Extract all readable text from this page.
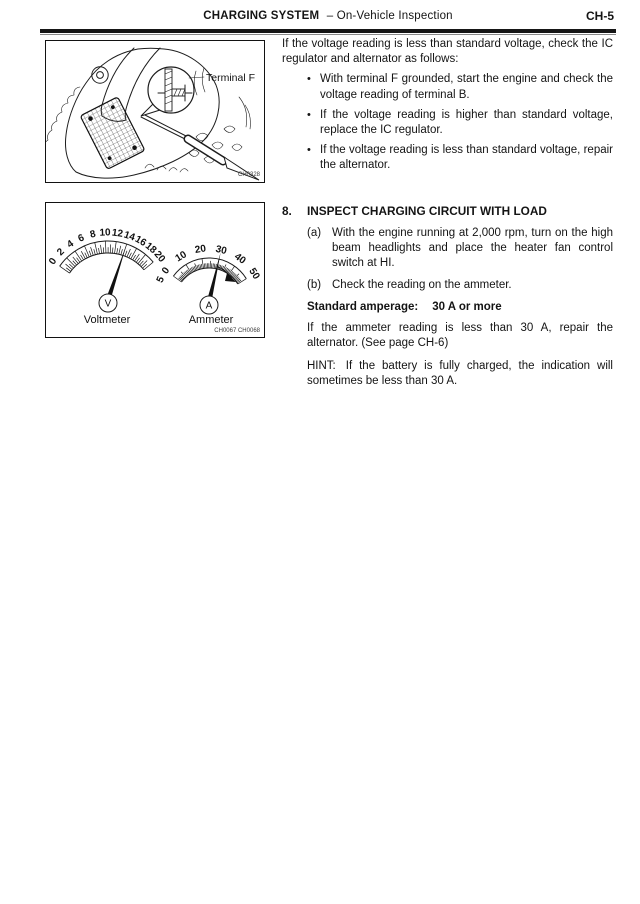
CHARGING SYSTEM – On-Vehicle Inspection	CH-5
Terminal F
CH0328
V
Voltmeter
0
2
4 6 8 10 12
14
16
18
20
A
Ammeter
5
0
10 20 30
40
50
CH0067 CH0068

If the voltage reading is less than standard voltage, check the IC regulator and alternator as follows:

• With terminal F grounded, start the engine and check the voltage reading of terminal B.

• If the voltage reading is higher than standard voltage, replace the IC regulator.

• If the voltage reading is less than standard voltage, repair the alternator.

8.	INSPECT CHARGING CIRCUIT WITH LOAD
(a) With the engine running at 2,000 rpm, turn on the high beam headlights and place the heater fan control switch at HI.

(b) Check the reading on the ammeter.

Standard amperage: 30 A or more

If the ammeter reading is less than 30 A, repair the alternator. (See page CH-6)

HINT: If the battery is fully charged, the indication will sometimes be less than 30 A.
